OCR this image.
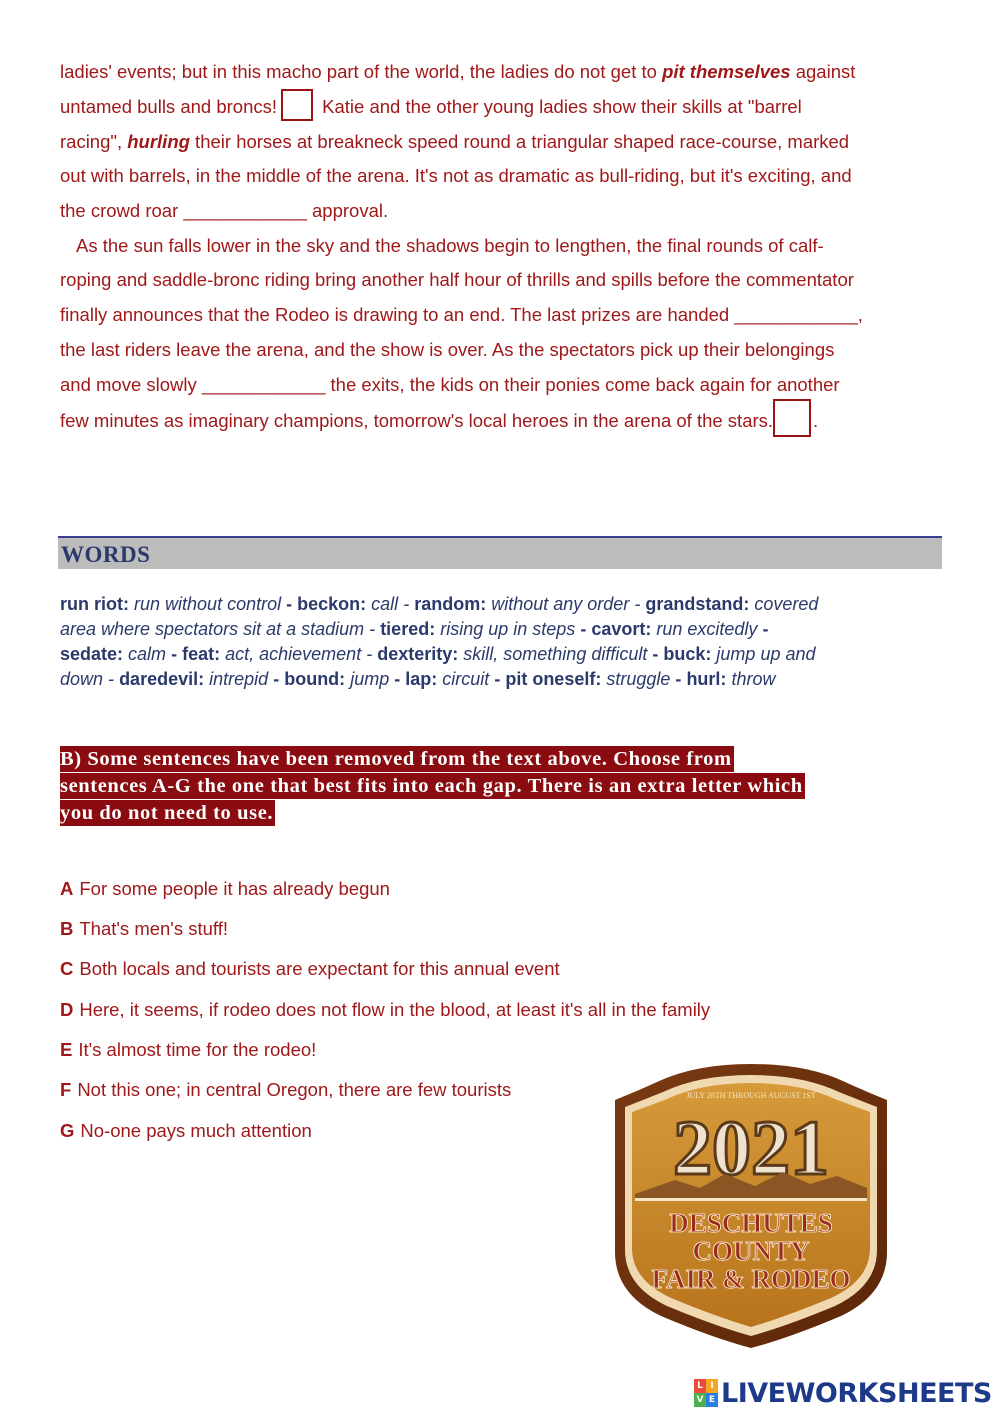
ladies' events; but in this macho part of the world, the ladies do not get to pit themselves against
untamed bulls and broncs! Katie and the other young ladies show their skills at "barrel
racing", hurling their horses at breakneck speed round a triangular shaped race-course, marked
out with barrels, in the middle of the arena. It's not as dramatic as bull-riding, but it's exciting, and
the crowd roar ____________ approval.
As the sun falls lower in the sky and the shadows begin to lengthen, the final rounds of calf-
roping and saddle-bronc riding bring another half hour of thrills and spills before the commentator
finally announces that the Rodeo is drawing to an end. The last prizes are handed ____________,
the last riders leave the arena, and the show is over. As the spectators pick up their belongings
and move slowly ____________ the exits, the kids on their ponies come back again for another
few minutes as imaginary champions, tomorrow's local heroes in the arena of the stars. .
WORDS
run riot: run without control - beckon: call - random: without any order - grandstand: covered
area where spectators sit at a stadium - tiered: rising up in steps - cavort: run excitedly -
sedate: calm - feat: act, achievement - dexterity: skill, something difficult - buck: jump up and
down - daredevil: intrepid - bound: jump - lap: circuit - pit oneself: struggle - hurl: throw
B) Some sentences have been removed from the text above. Choose from
sentences A-G the one that best fits into each gap. There is an extra letter which
you do not need to use.
A For some people it has already begun
B That's men's stuff!
C Both locals and tourists are expectant for this annual event
D Here, it seems, if rodeo does not flow in the blood, at least it's all in the family
E It's almost time for the rodeo!
F Not this one; in central Oregon, there are few tourists
G No-one pays much attention
JULY 28TH THROUGH AUGUST 1ST
2021
DESCHUTES
COUNTY
FAIR & RODEO
L I
V E LIVEWORKSHEETS
